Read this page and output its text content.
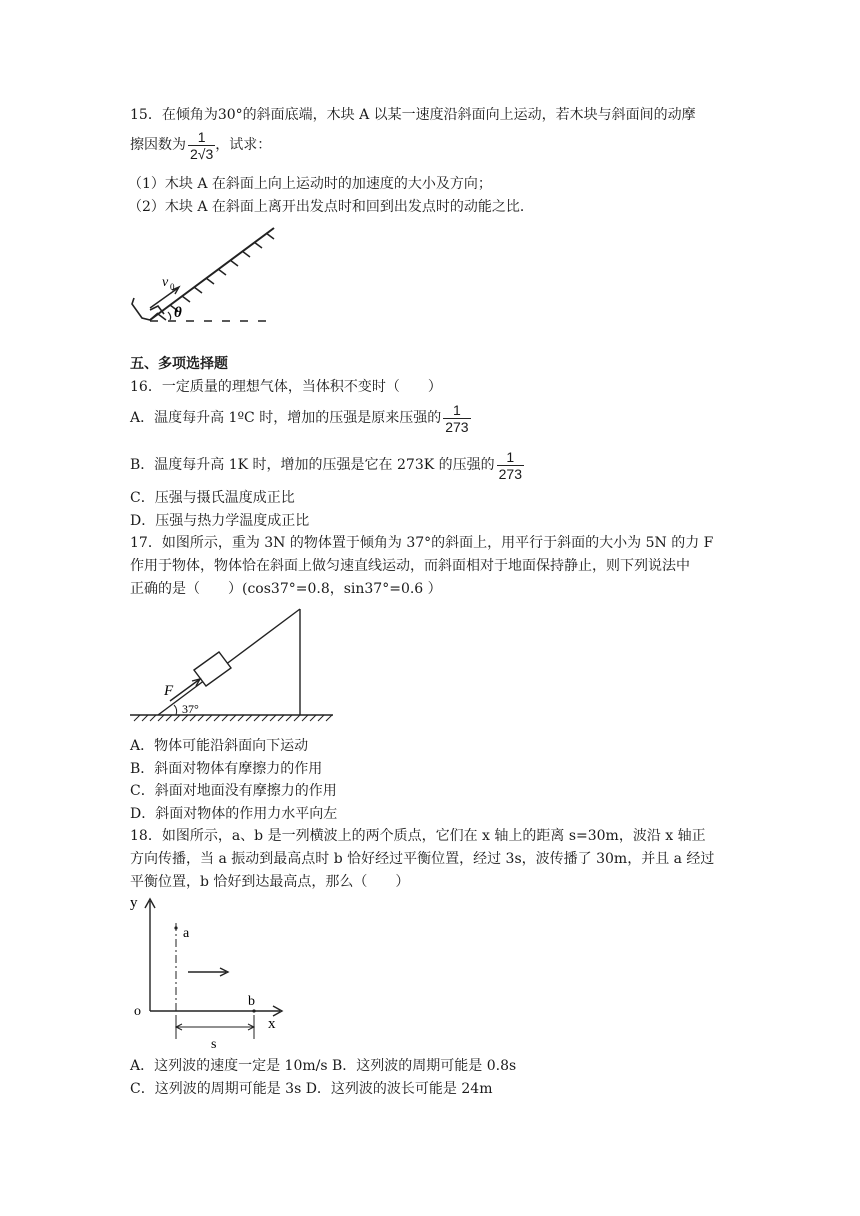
15．在倾角为30°的斜面底端，木块 A 以某一速度沿斜面向上运动，若木块与斜面间的动摩
擦因数为 $\frac{1}{2√3}$ ，试求：
（1）木块 A 在斜面上向上运动时的加速度的大小及方向；
（2）木块 A 在斜面上离开出发点时和回到出发点时的动能之比．
v 0
θ
五、多项选择题
16．一定质量的理想气体，当体积不变时（　　）
A．温度每升高 1ºC 时，增加的压强是原来压强的 $\frac{1}{273}$
B．温度每升高 1K 时，增加的压强是它在 273K 的压强的 $\frac{1}{273}$
C．压强与摄氏温度成正比
D．压强与热力学温度成正比
17．如图所示，重为 3N 的物体置于倾角为 37°的斜面上，用平行于斜面的大小为 5N 的力 F
作用于物体，物体恰在斜面上做匀速直线运动，而斜面相对于地面保持静止，则下列说法中
正确的是（　　）(cos37°=0.8，sin37°=0.6 ）
F
37°
A．物体可能沿斜面向下运动
B．斜面对物体有摩擦力的作用
C．斜面对地面没有摩擦力的作用
D．斜面对物体的作用力水平向左
18．如图所示，a、b 是一列横波上的两个质点，它们在 x 轴上的距离 s=30m，波沿 x 轴正
方向传播，当 a 振动到最高点时 b 恰好经过平衡位置，经过 3s，波传播了 30m，并且 a 经过
平衡位置，b 恰好到达最高点，那么（　　）
y
x
o
a
b
s
A．这列波的速度一定是 10m/s B．这列波的周期可能是 0.8s
C．这列波的周期可能是 3s D．这列波的波长可能是 24m
